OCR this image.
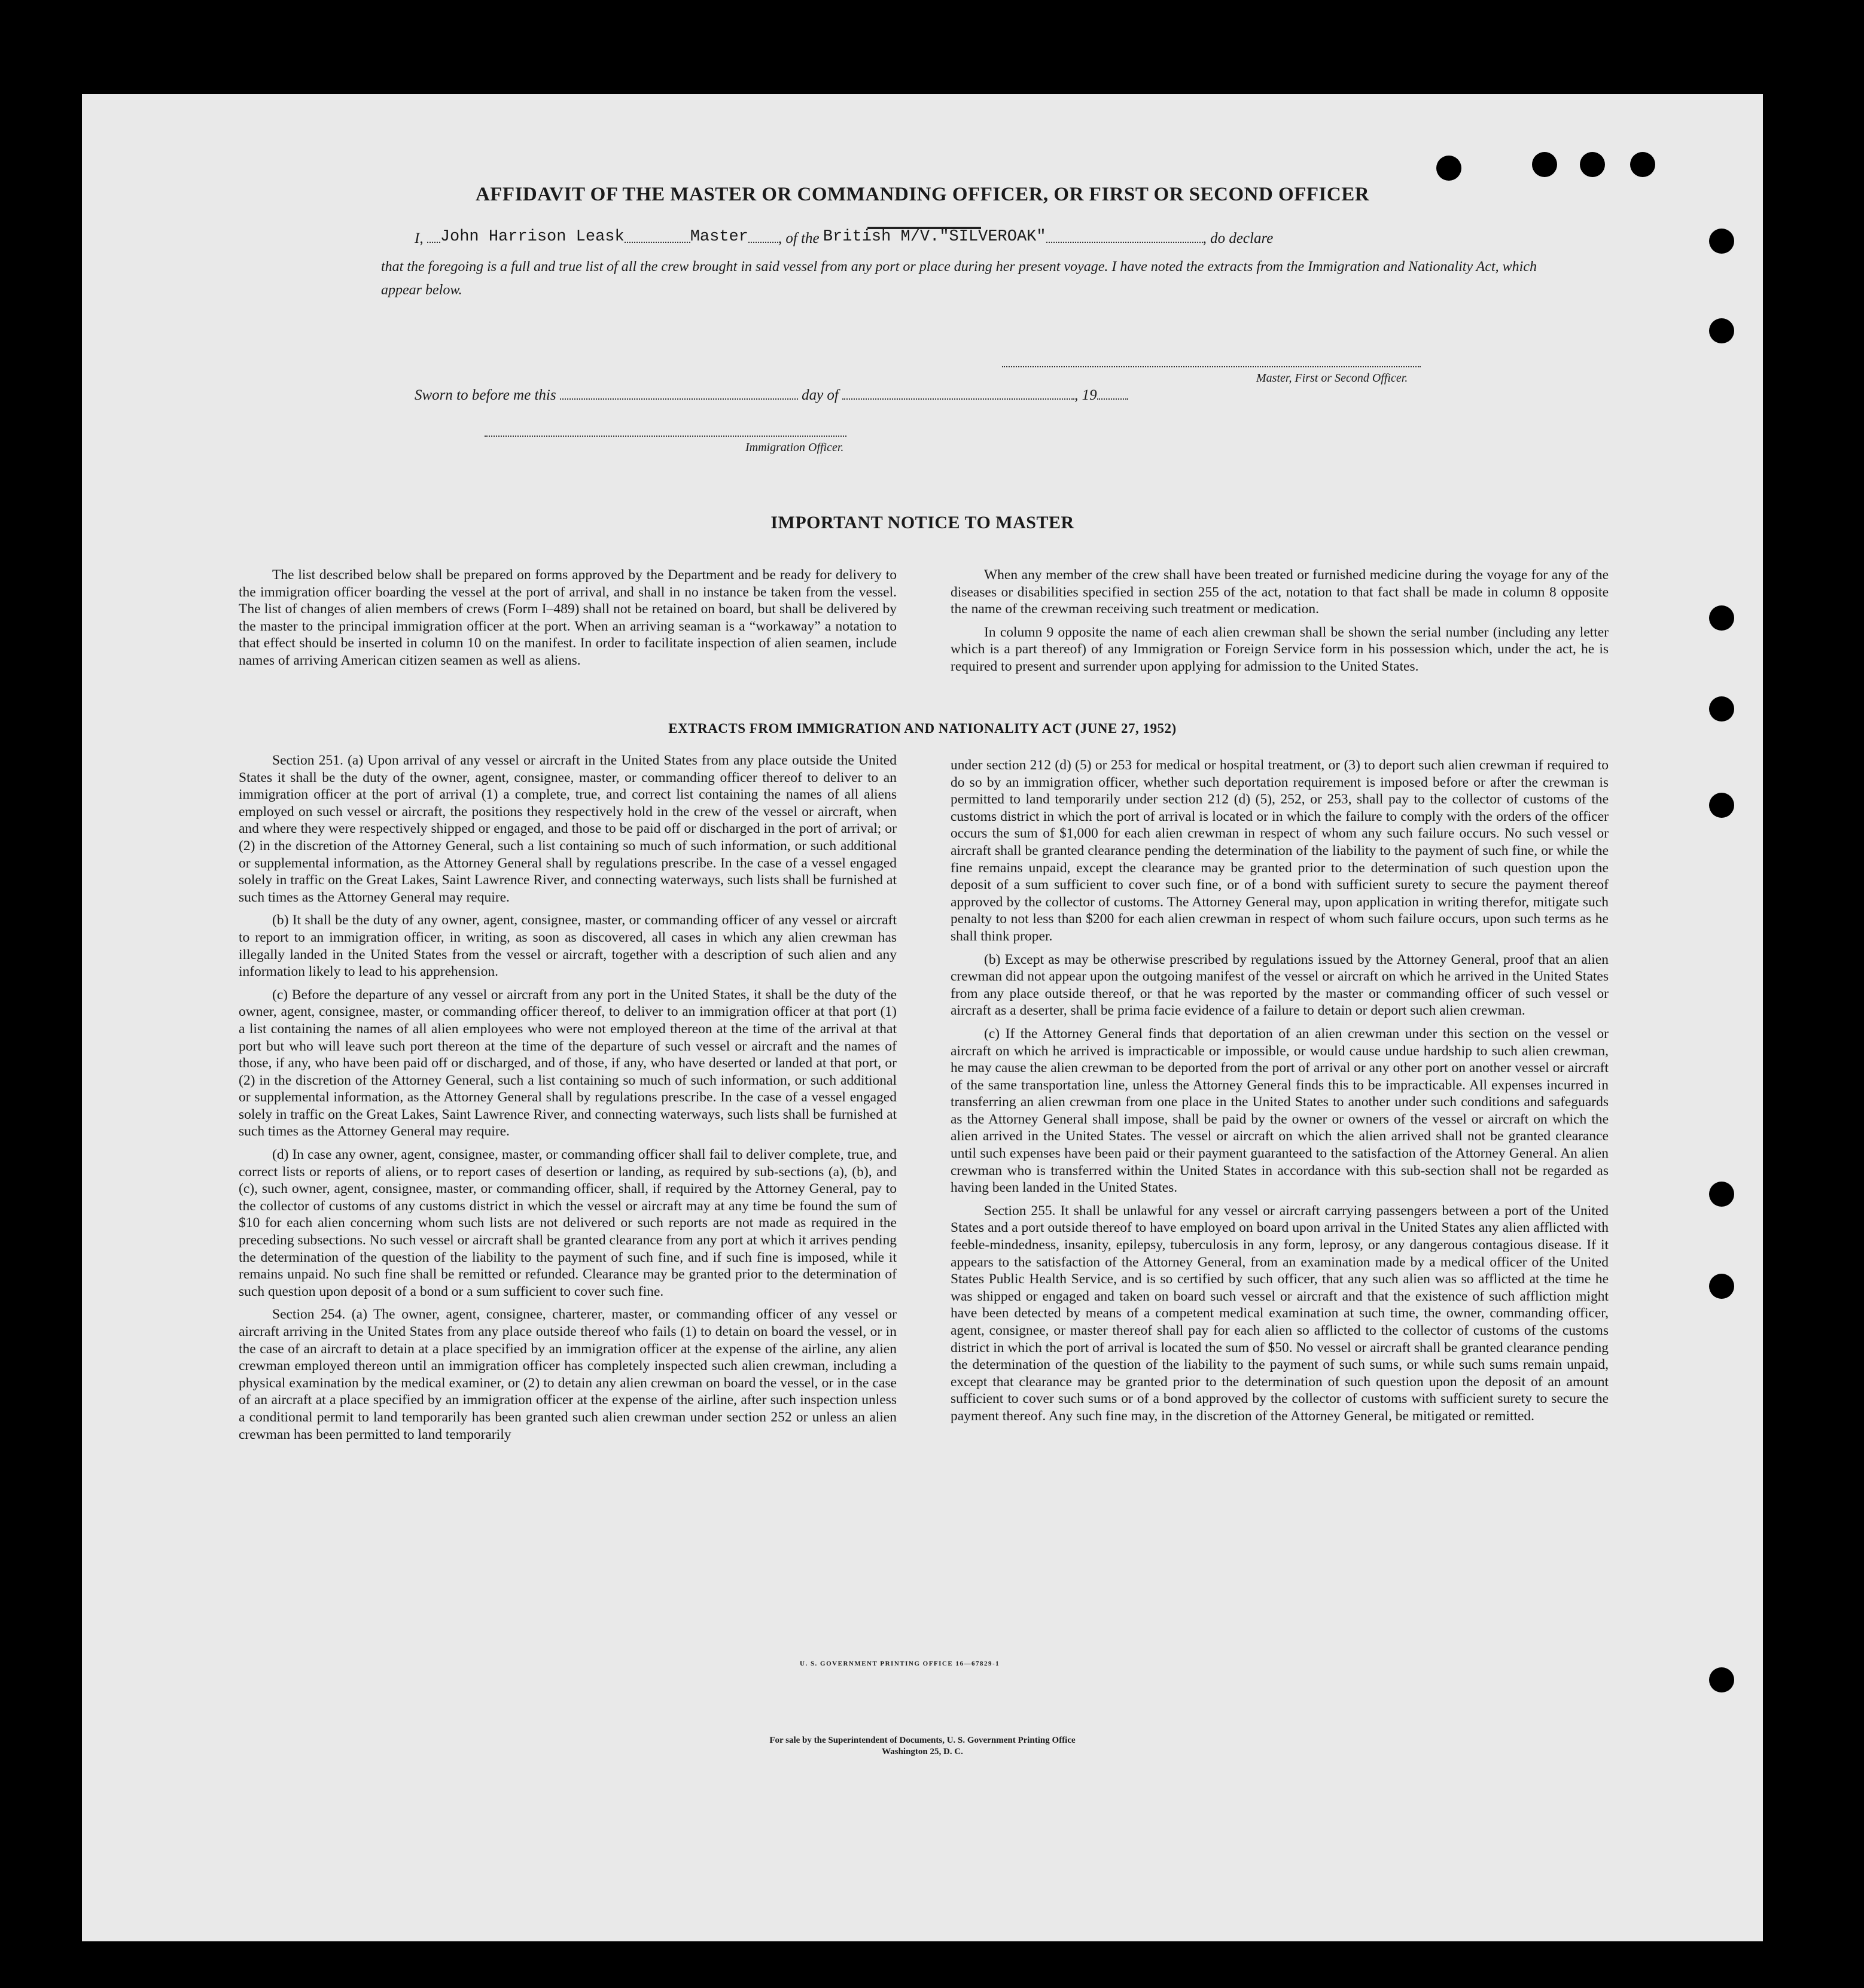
AFFIDAVIT OF THE MASTER OR COMMANDING OFFICER, OR FIRST OR SECOND OFFICER
I, John Harrison Leask	Master , of the British M/V."SILVEROAK"	, do declare

that the foregoing is a full and true list of all the crew brought in said vessel from any port or place during her present voyage. I have noted the extracts from the Immigration and Nationality Act, which appear below.

Master, First or Second Officer.
Sworn to before me this	day of	, 19
Immigration Officer.
IMPORTANT NOTICE TO MASTER

The list described below shall be prepared on forms approved by the Department and be ready for delivery to the immigration officer boarding the vessel at the port of arrival, and shall in no instance be taken from the vessel. The list of changes of alien members of crews (Form I–489) shall not be retained on board, but shall be delivered by the master to the principal immigration officer at the port. When an arriving seaman is a “workaway” a notation to that effect should be inserted in column 10 on the manifest. In order to facilitate inspection of alien seamen, include names of arriving American citizen seamen as well as aliens.

When any member of the crew shall have been treated or furnished medicine during the voyage for any of the diseases or disabilities specified in section 255 of the act, notation to that fact shall be made in column 8 opposite the name of the crewman receiving such treatment or medication.

In column 9 opposite the name of each alien crewman shall be shown the serial number (including any letter which is a part thereof) of any Immigration or Foreign Service form in his possession which, under the act, he is required to present and surrender upon applying for admission to the United States.

EXTRACTS FROM IMMIGRATION AND NATIONALITY ACT (JUNE 27, 1952)

Section 251. (a) Upon arrival of any vessel or aircraft in the United States from any place outside the United States it shall be the duty of the owner, agent, consignee, master, or commanding officer thereof to deliver to an immigration officer at the port of arrival (1) a complete, true, and correct list containing the names of all aliens employed on such vessel or aircraft, the positions they respectively hold in the crew of the vessel or aircraft, when and where they were respectively shipped or engaged, and those to be paid off or discharged in the port of arrival; or (2) in the discretion of the Attorney General, such a list containing so much of such information, or such additional or supplemental information, as the Attorney General shall by regulations prescribe. In the case of a vessel engaged solely in traffic on the Great Lakes, Saint Lawrence River, and connecting waterways, such lists shall be furnished at such times as the Attorney General may require.

(b) It shall be the duty of any owner, agent, consignee, master, or commanding officer of any vessel or aircraft to report to an immigration officer, in writing, as soon as discovered, all cases in which any alien crewman has illegally landed in the United States from the vessel or aircraft, together with a description of such alien and any information likely to lead to his apprehension.

(c) Before the departure of any vessel or aircraft from any port in the United States, it shall be the duty of the owner, agent, consignee, master, or commanding officer thereof, to deliver to an immigration officer at that port (1) a list containing the names of all alien employees who were not employed thereon at the time of the arrival at that port but who will leave such port thereon at the time of the departure of such vessel or aircraft and the names of those, if any, who have been paid off or discharged, and of those, if any, who have deserted or landed at that port, or (2) in the discretion of the Attorney General, such a list containing so much of such information, or such additional or supplemental information, as the Attorney General shall by regulations prescribe. In the case of a vessel engaged solely in traffic on the Great Lakes, Saint Lawrence River, and connecting waterways, such lists shall be furnished at such times as the Attorney General may require.

(d) In case any owner, agent, consignee, master, or commanding officer shall fail to deliver complete, true, and correct lists or reports of aliens, or to report cases of desertion or landing, as required by sub-sections (a), (b), and (c), such owner, agent, consignee, master, or commanding officer, shall, if required by the Attorney General, pay to the collector of customs of any customs district in which the vessel or aircraft may at any time be found the sum of $10 for each alien concerning whom such lists are not delivered or such reports are not made as required in the preceding subsections. No such vessel or aircraft shall be granted clearance from any port at which it arrives pending the determination of the question of the liability to the payment of such fine, and if such fine is imposed, while it remains unpaid. No such fine shall be remitted or refunded. Clearance may be granted prior to the determination of such question upon deposit of a bond or a sum sufficient to cover such fine.

Section 254. (a) The owner, agent, consignee, charterer, master, or commanding officer of any vessel or aircraft arriving in the United States from any place outside thereof who fails (1) to detain on board the vessel, or in the case of an aircraft to detain at a place specified by an immigration officer at the expense of the airline, any alien crewman employed thereon until an immigration officer has completely inspected such alien crewman, including a physical examination by the medical examiner, or (2) to detain any alien crewman on board the vessel, or in the case of an aircraft at a place specified by an immigration officer at the expense of the airline, after such inspection unless a conditional permit to land temporarily has been granted such alien crewman under section 252 or unless an alien crewman has been permitted to land temporarily

under section 212 (d) (5) or 253 for medical or hospital treatment, or (3) to deport such alien crewman if required to do so by an immigration officer, whether such deportation requirement is imposed before or after the crewman is permitted to land temporarily under section 212 (d) (5), 252, or 253, shall pay to the collector of customs of the customs district in which the port of arrival is located or in which the failure to comply with the orders of the officer occurs the sum of $1,000 for each alien crewman in respect of whom any such failure occurs. No such vessel or aircraft shall be granted clearance pending the determination of the liability to the payment of such fine, or while the fine remains unpaid, except the clearance may be granted prior to the determination of such question upon the deposit of a sum sufficient to cover such fine, or of a bond with sufficient surety to secure the payment thereof approved by the collector of customs. The Attorney General may, upon application in writing therefor, mitigate such penalty to not less than $200 for each alien crewman in respect of whom such failure occurs, upon such terms as he shall think proper.

(b) Except as may be otherwise prescribed by regulations issued by the Attorney General, proof that an alien crewman did not appear upon the outgoing manifest of the vessel or aircraft on which he arrived in the United States from any place outside thereof, or that he was reported by the master or commanding officer of such vessel or aircraft as a deserter, shall be prima facie evidence of a failure to detain or deport such alien crewman.

(c) If the Attorney General finds that deportation of an alien crewman under this section on the vessel or aircraft on which he arrived is impracticable or impossible, or would cause undue hardship to such alien crewman, he may cause the alien crewman to be deported from the port of arrival or any other port on another vessel or aircraft of the same transportation line, unless the Attorney General finds this to be impracticable. All expenses incurred in transferring an alien crewman from one place in the United States to another under such conditions and safeguards as the Attorney General shall impose, shall be paid by the owner or owners of the vessel or aircraft on which the alien arrived in the United States. The vessel or aircraft on which the alien arrived shall not be granted clearance until such expenses have been paid or their payment guaranteed to the satisfaction of the Attorney General. An alien crewman who is transferred within the United States in accordance with this sub-section shall not be regarded as having been landed in the United States.

Section 255. It shall be unlawful for any vessel or aircraft carrying passengers between a port of the United States and a port outside thereof to have employed on board upon arrival in the United States any alien afflicted with feeble-mindedness, insanity, epilepsy, tuberculosis in any form, leprosy, or any dangerous contagious disease. If it appears to the satisfaction of the Attorney General, from an examination made by a medical officer of the United States Public Health Service, and is so certified by such officer, that any such alien was so afflicted at the time he was shipped or engaged and taken on board such vessel or aircraft and that the existence of such affliction might have been detected by means of a competent medical examination at such time, the owner, commanding officer, agent, consignee, or master thereof shall pay for each alien so afflicted to the collector of customs of the customs district in which the port of arrival is located the sum of $50. No vessel or aircraft shall be granted clearance pending the determination of the question of the liability to the payment of such sums, or while such sums remain unpaid, except that clearance may be granted prior to the determination of such question upon the deposit of an amount sufficient to cover such sums or of a bond approved by the collector of customs with sufficient surety to secure the payment thereof. Any such fine may, in the discretion of the Attorney General, be mitigated or remitted.

U. S. GOVERNMENT PRINTING OFFICE 16—67829-1
For sale by the Superintendent of Documents, U. S. Government Printing Office
Washington 25, D. C.
